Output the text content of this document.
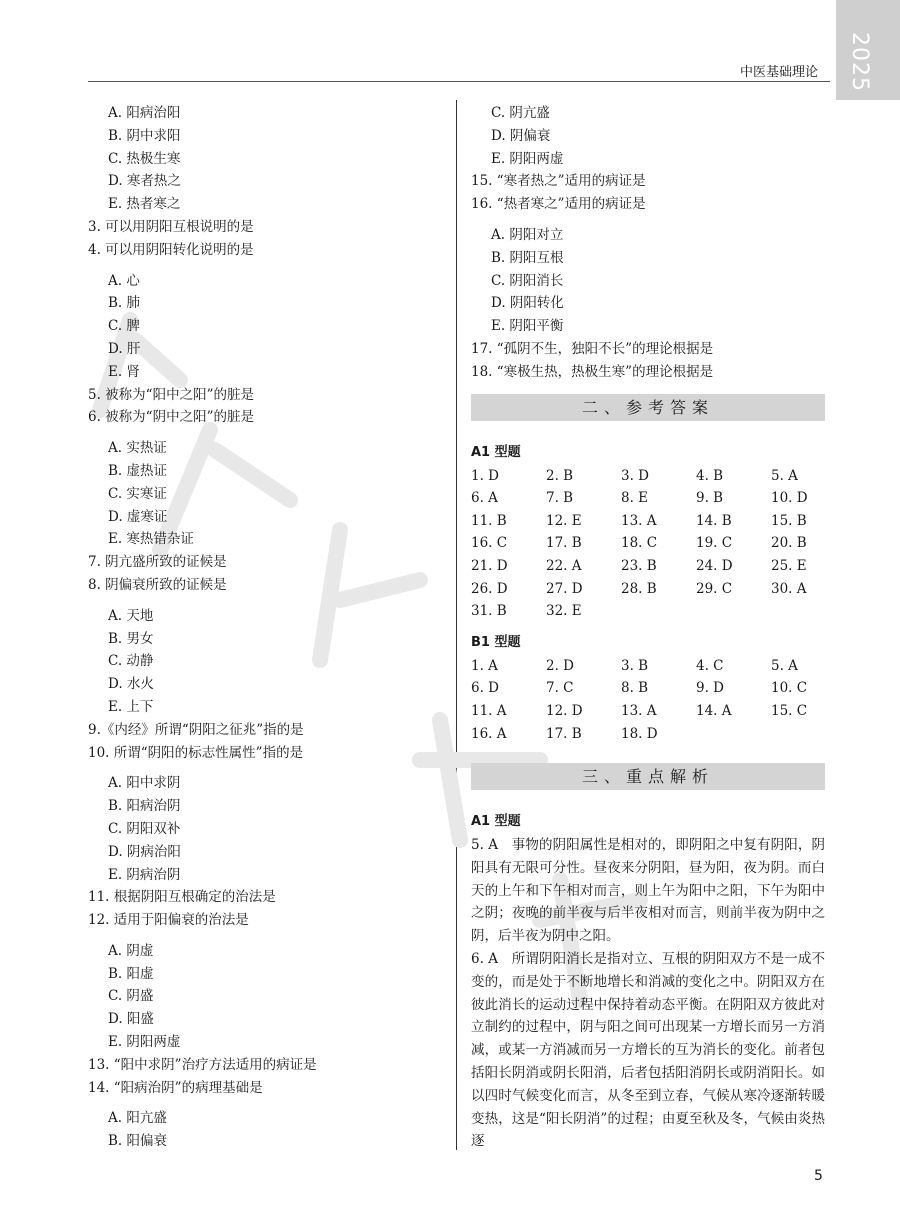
2025
中医基础理论
A. 阳病治阳
B. 阴中求阳
C. 热极生寒
D. 寒者热之
E. 热者寒之
3. 可以用阴阳互根说明的是
4. 可以用阴阳转化说明的是
A. 心
B. 肺
C. 脾
D. 肝
E. 肾
5. 被称为“阳中之阳”的脏是
6. 被称为“阴中之阳”的脏是
A. 实热证
B. 虚热证
C. 实寒证
D. 虚寒证
E. 寒热错杂证
7. 阴亢盛所致的证候是
8. 阴偏衰所致的证候是
A. 天地
B. 男女
C. 动静
D. 水火
E. 上下
9.《内经》所谓“阴阳之征兆”指的是
10. 所谓“阴阳的标志性属性”指的是
A. 阳中求阴
B. 阳病治阴
C. 阴阳双补
D. 阴病治阳
E. 阴病治阴
11. 根据阴阳互根确定的治法是
12. 适用于阳偏衰的治法是
A. 阴虚
B. 阳虚
C. 阴盛
D. 阳盛
E. 阴阳两虚
13. “阳中求阴”治疗方法适用的病证是
14. “阳病治阴”的病理基础是
A. 阳亢盛
B. 阳偏衰
C. 阴亢盛
D. 阴偏衰
E. 阴阳两虚
15. “寒者热之”适用的病证是
16. “热者寒之”适用的病证是
A. 阴阳对立
B. 阴阳互根
C. 阴阳消长
D. 阴阳转化
E. 阴阳平衡
17. “孤阴不生，独阳不长”的理论根据是
18. “寒极生热，热极生寒”的理论根据是
二、参考答案
A1 型题
1. D	2. B	3. D	4. B	5. A
6. A	7. B	8. E	9. B	10. D
11. B	12. E	13. A	14. B	15. B
16. C	17. B	18. C	19. C	20. B
21. D	22. A	23. B	24. D	25. E
26. D	27. D	28. B	29. C	30. A
31. B	32. E
B1 型题
1. A	2. D	3. B	4. C	5. A
6. D	7. C	8. B	9. D	10. C
11. A	12. D	13. A	14. A	15. C
16. A	17. B	18. D
三、重点解析
A1 型题
5. A　事物的阴阳属性是相对的，即阴阳之中复有阴阳，阴阳具有无限可分性。昼夜来分阴阳，昼为阳，夜为阴。而白天的上午和下午相对而言，则上午为阳中之阳，下午为阳中之阴；夜晚的前半夜与后半夜相对而言，则前半夜为阴中之阴，后半夜为阴中之阳。
6. A　所谓阴阳消长是指对立、互根的阴阳双方不是一成不变的，而是处于不断地增长和消减的变化之中。阴阳双方在彼此消长的运动过程中保持着动态平衡。在阴阳双方彼此对立制约的过程中，阴与阳之间可出现某一方增长而另一方消减，或某一方消减而另一方增长的互为消长的变化。前者包括阳长阴消或阴长阳消，后者包括阳消阴长或阴消阳长。如以四时气候变化而言，从冬至到立春，气候从寒冷逐渐转暖变热，这是“阳长阴消”的过程；由夏至秋及冬，气候由炎热逐
5
